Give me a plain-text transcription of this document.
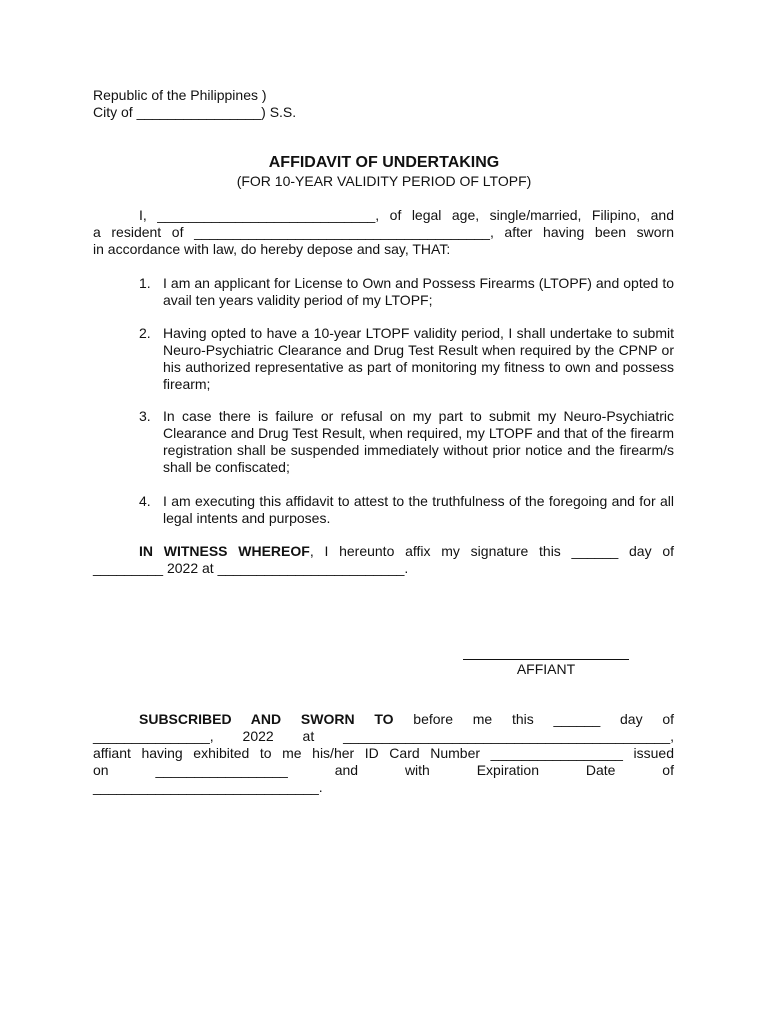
Republic of the Philippines )
City of ________________) S.S.
AFFIDAVIT OF UNDERTAKING
(FOR 10-YEAR VALIDITY PERIOD OF LTOPF)
I, ____________________________, of legal age, single/married, Filipino, and
a resident of ______________________________________, after having been sworn
in accordance with law, do hereby depose and say, THAT:
1. I am an applicant for License to Own and Possess Firearms (LTOPF) and opted to avail ten years validity period of my LTOPF;
2. Having opted to have a 10-year LTOPF validity period, I shall undertake to submit Neuro-Psychiatric Clearance and Drug Test Result when required by the CPNP or his authorized representative as part of monitoring my fitness to own and possess firearm;
3. In case there is failure or refusal on my part to submit my Neuro-Psychiatric Clearance and Drug Test Result, when required, my LTOPF and that of the firearm registration shall be suspended immediately without prior notice and the firearm/s shall be confiscated;
4. I am executing this affidavit to attest to the truthfulness of the foregoing and for all legal intents and purposes.
IN WITNESS WHEREOF, I hereunto affix my signature this ______ day of
_________ 2022 at ________________________.
AFFIANT
SUBSCRIBED AND SWORN TO before me this ______ day of
_______________, 2022 at __________________________________________,
affiant having exhibited to me his/her ID Card Number _________________ issued
on _________________ and with Expiration Date of
_____________________________.
